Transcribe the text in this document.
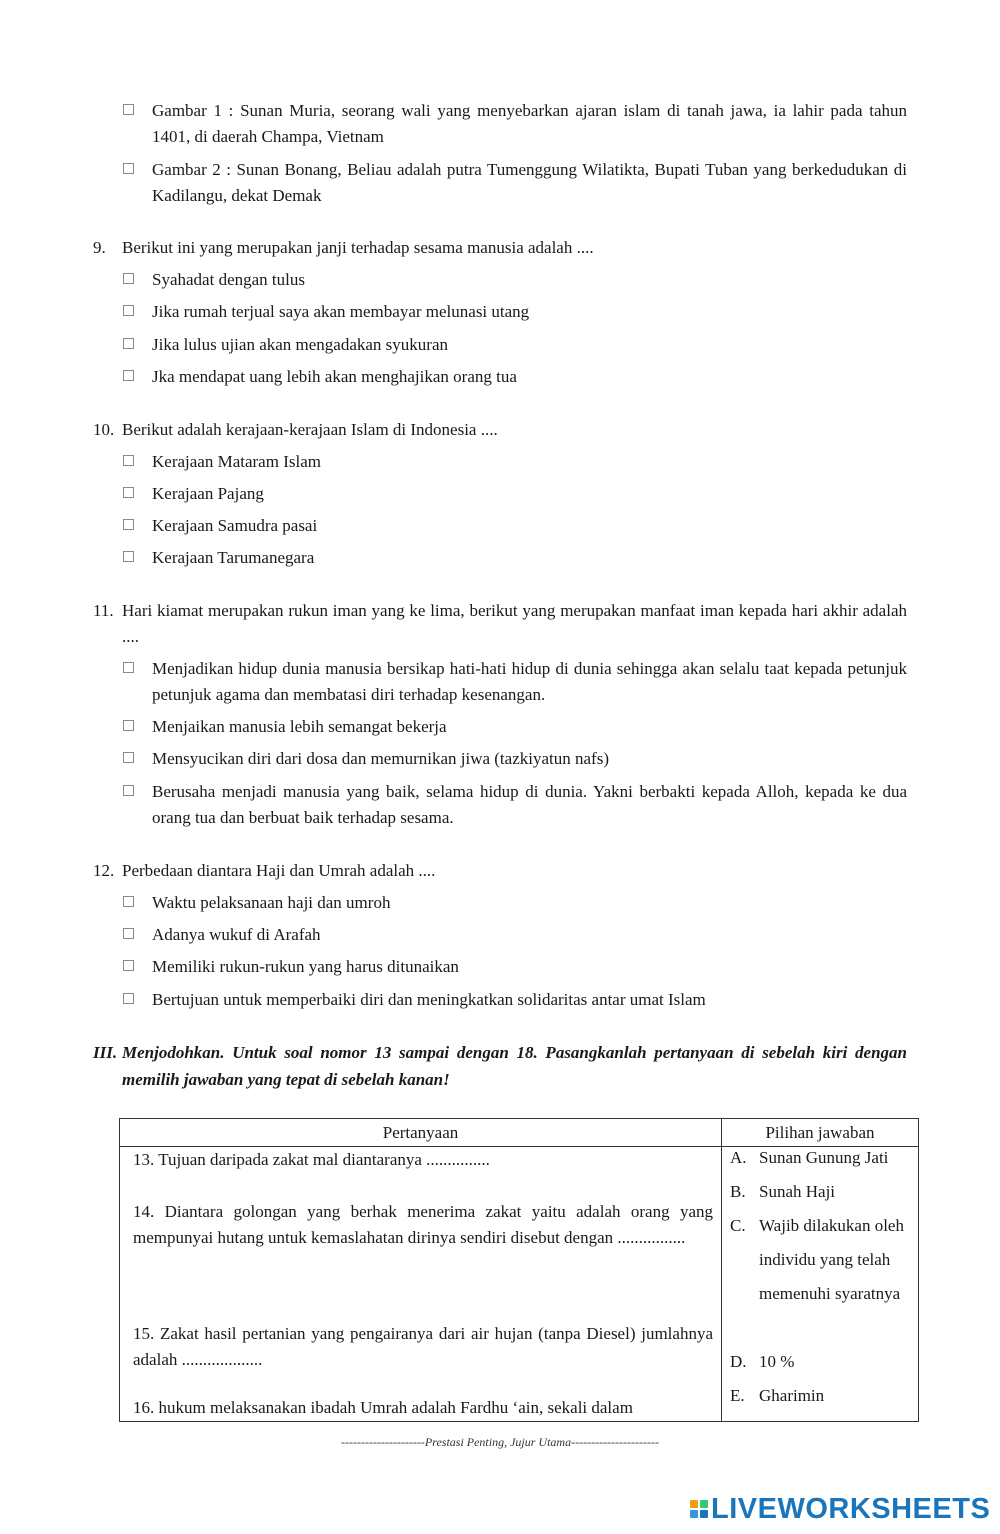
Gambar 1 : Sunan Muria, seorang wali yang menyebarkan ajaran islam di tanah jawa, ia lahir pada tahun 1401, di daerah Champa, Vietnam
Gambar 2 : Sunan Bonang, Beliau adalah putra Tumenggung Wilatikta, Bupati Tuban yang berkedudukan di Kadilangu, dekat Demak
9. Berikut ini yang merupakan janji terhadap sesama manusia adalah ....
Syahadat dengan tulus
Jika rumah terjual saya akan membayar melunasi utang
Jika lulus ujian akan mengadakan syukuran
Jka mendapat uang lebih akan menghajikan orang tua
10. Berikut adalah kerajaan-kerajaan Islam di Indonesia ....
Kerajaan Mataram Islam
Kerajaan Pajang
Kerajaan Samudra pasai
Kerajaan Tarumanegara
11. Hari kiamat merupakan rukun iman yang ke lima, berikut yang merupakan manfaat iman kepada hari akhir adalah ....
Menjadikan hidup dunia manusia bersikap hati-hati hidup di dunia sehingga akan selalu taat kepada petunjuk petunjuk agama dan membatasi diri terhadap kesenangan.
Menjaikan manusia lebih semangat bekerja
Mensyucikan diri dari dosa dan memurnikan jiwa (tazkiyatun nafs)
Berusaha menjadi manusia yang baik, selama hidup di dunia. Yakni berbakti kepada Alloh, kepada ke dua orang tua dan berbuat baik terhadap sesama.
12. Perbedaan diantara Haji dan Umrah adalah ....
Waktu pelaksanaan haji dan umroh
Adanya wukuf di Arafah
Memiliki rukun-rukun yang harus ditunaikan
Bertujuan untuk memperbaiki diri dan meningkatkan solidaritas antar umat Islam
III. Menjodohkan. Untuk soal nomor 13 sampai dengan 18. Pasangkanlah pertanyaan di sebelah kiri dengan memilih jawaban yang tepat di sebelah kanan!
Pertanyaan	Pilihan jawaban
13. Tujuan daripada zakat mal diantaranya ...............
14. Diantara golongan yang berhak menerima zakat yaitu adalah orang yang mempunyai hutang untuk kemaslahatan dirinya sendiri disebut dengan ................
15. Zakat hasil pertanian yang pengairanya dari air hujan (tanpa Diesel) jumlahnya adalah ...................
16. hukum melaksanakan ibadah Umrah adalah Fardhu ‘ain, sekali dalam
A. Sunan Gunung Jati
B. Sunah Haji
C. Wajib dilakukan oleh individu yang telah memenuhi syaratnya
D. 10 %
E. Gharimin
---------------------Prestasi Penting, Jujur Utama----------------------
LIVEWORKSHEETS
